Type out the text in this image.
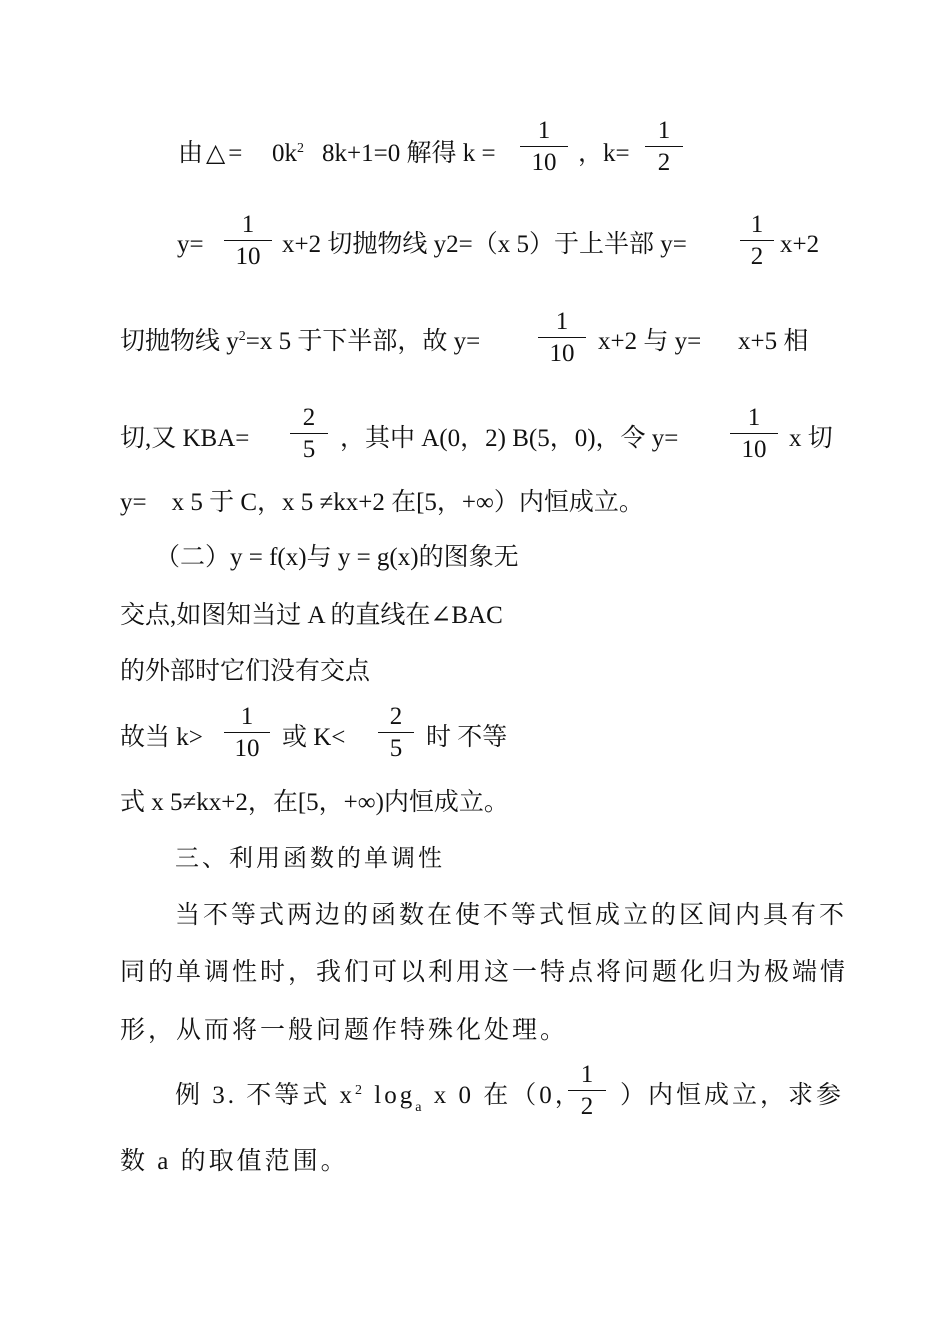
由△= $0k^2$ 8k+1=0 解得 k =
1
10 ，k=
1
2
y=
1
10 x+2 切抛物线 y2=（x 5）于上半部 y=
1
2 x+2
切抛物线 $y^2=x$ 5 于下半部，故 y=
1
10 x+2 与 y= x+5 相
切,又 KBA=
2
5 ，其中 A(0，2) B(5，0)，令 y=
1
10 x 切
y=　x 5 于 C，x 5 ≠kx+2 在[5，+∞）内恒成立。
（二）y = f(x)与 y = g(x)的图象无
交点,如图知当过 A 的直线在∠BAC
的外部时它们没有交点
故当 k>
1
10 或 K<
2
5 时 不等
式 x 5≠kx+2，在[5，+∞)内恒成立。
三、利用函数的单调性
当不等式两边的函数在使不等式恒成立的区间内具有不
同的单调性时，我们可以利用这一特点将问题化归为极端情
形，从而将一般问题作特殊化处理。
例 3. 不等式 $x^2$ $\log_a x$ 0 在（0，
1
2	）内恒成立，求参
数 a 的取值范围。
